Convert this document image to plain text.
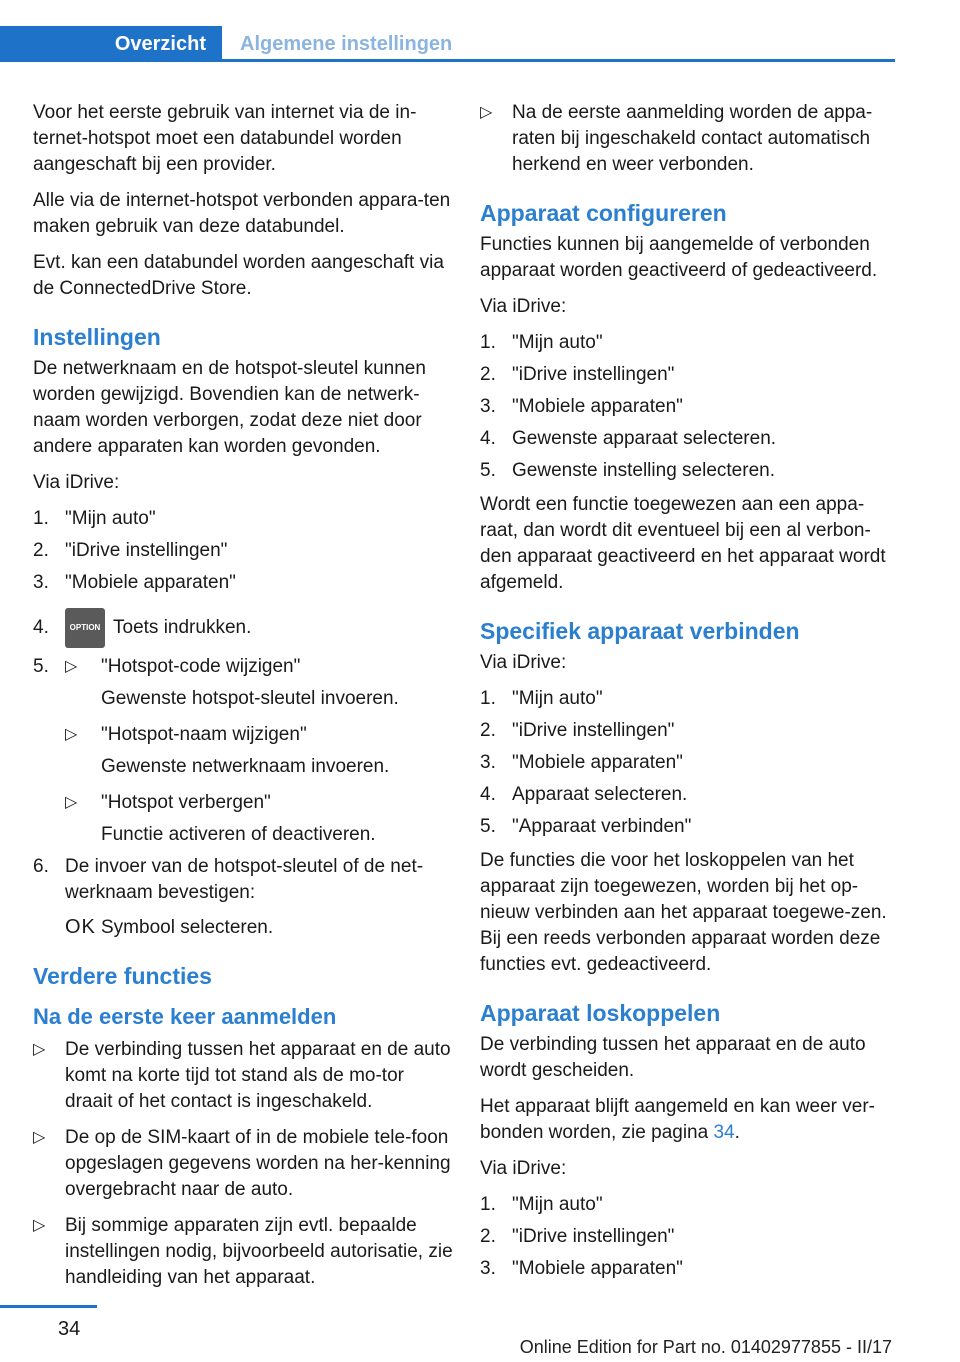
Overzicht	Algemene instellingen

Voor het eerste gebruik van internet via de in-ternet-hotspot moet een databundel worden aangeschaft bij een provider.

Alle via de internet-hotspot verbonden appara-ten maken gebruik van deze databundel.

Evt. kan een databundel worden aangeschaft via de ConnectedDrive Store.

Instellingen

De netwerknaam en de hotspot-sleutel kunnen worden gewijzigd. Bovendien kan de netwerk-naam worden verborgen, zodat deze niet door andere apparaten kan worden gevonden.

Via iDrive:

1. "Mijn auto"
2. "iDrive instellingen"
3. "Mobiele apparaten"
4.	OPTION Toets indrukken.
5.	▷	"Hotspot-code wijzigen"
Gewenste hotspot-sleutel invoeren.
▷	"Hotspot-naam wijzigen"
Gewenste netwerknaam invoeren.
▷	"Hotspot verbergen"
Functie activeren of deactiveren.
6. De invoer van de hotspot-sleutel of de net-werknaam bevestigen:
OK Symbool selecteren.
Verdere functies
Na de eerste keer aanmelden
▷	De verbinding tussen het apparaat en de auto komt na korte tijd tot stand als de mo-tor draait of het contact is ingeschakeld.
▷	De op de SIM-kaart of in de mobiele tele-foon opgeslagen gegevens worden na her-kenning overgebracht naar de auto.
▷	Bij sommige apparaten zijn evtl. bepaalde instellingen nodig, bijvoorbeeld autorisatie, zie handleiding van het apparaat.
▷	Na de eerste aanmelding worden de appa-raten bij ingeschakeld contact automatisch herkend en weer verbonden.
Apparaat configureren

Functies kunnen bij aangemelde of verbonden apparaat worden geactiveerd of gedeactiveerd.

Via iDrive:

1. "Mijn auto"
2. "iDrive instellingen"
3. "Mobiele apparaten"
4. Gewenste apparaat selecteren.
5. Gewenste instelling selecteren.

Wordt een functie toegewezen aan een appa-raat, dan wordt dit eventueel bij een al verbon-den apparaat geactiveerd en het apparaat wordt afgemeld.

Specifiek apparaat verbinden

Via iDrive:

1. "Mijn auto"
2. "iDrive instellingen"
3. "Mobiele apparaten"
4. Apparaat selecteren.
5. "Apparaat verbinden"

De functies die voor het loskoppelen van het apparaat zijn toegewezen, worden bij het op-nieuw verbinden aan het apparaat toegewe-zen. Bij een reeds verbonden apparaat worden deze functies evt. gedeactiveerd.

Apparaat loskoppelen

De verbinding tussen het apparaat en de auto wordt gescheiden.

Het apparaat blijft aangemeld en kan weer ver-bonden worden, zie pagina 34.

Via iDrive:

1. "Mijn auto"
2. "iDrive instellingen"
3. "Mobiele apparaten"
34
Online Edition for Part no. 01402977855 - II/17
